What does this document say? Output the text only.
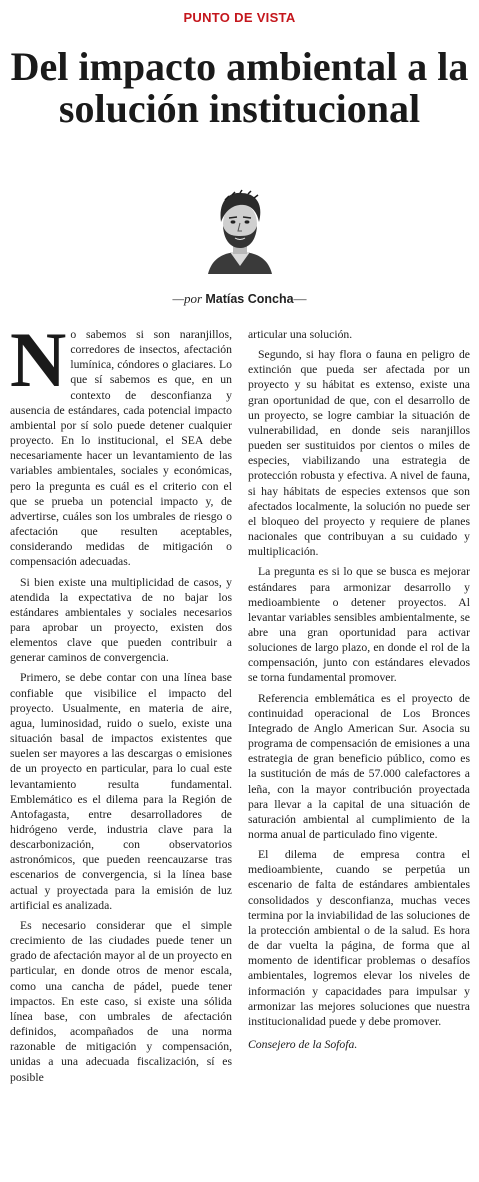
PUNTO DE VISTA
Del impacto ambiental a la solución institucional
—por Matías Concha—

No sabemos si son naranjillos, corredores de insectos, afectación lumínica, cóndores o glaciares. Lo que sí sabemos es que, en un contexto de desconfianza y ausencia de estándares, cada potencial impacto ambiental por sí solo puede detener cualquier proyecto. En lo institucional, el SEA debe necesariamente hacer un levantamiento de las variables ambientales, sociales y económicas, pero la pregunta es cuál es el criterio con el que se prueba un potencial impacto y, de advertirse, cuáles son los umbrales de riesgo o afectación que resulten aceptables, considerando medidas de mitigación o compensación adecuadas.

Si bien existe una multiplicidad de casos, y atendida la expectativa de no bajar los estándares ambientales y sociales necesarios para aprobar un proyecto, existen dos elementos clave que pueden contribuir a generar caminos de convergencia.

Primero, se debe contar con una línea base confiable que visibilice el impacto del proyecto. Usualmente, en materia de aire, agua, luminosidad, ruido o suelo, existe una situación basal de impactos existentes que suelen ser mayores a las descargas o emisiones de un proyecto en particular, para lo cual este levantamiento resulta fundamental. Emblemático es el dilema para la Región de Antofagasta, entre desarrolladores de hidrógeno verde, industria clave para la descarbonización, con observatorios astronómicos, que pueden reencauzarse tras escenarios de convergencia, si la línea base actual y proyectada para la emisión de luz artificial es analizada.

Es necesario considerar que el simple crecimiento de las ciudades puede tener un grado de afectación mayor al de un proyecto en particular, en donde otros de menor escala, como una cancha de pádel, puede tener impactos. En este caso, si existe una sólida línea base, con umbrales de afectación definidos, acompañados de una norma razonable de mitigación y compensación, unidas a una adecuada fiscalización, sí es posible

articular una solución.

Segundo, si hay flora o fauna en peligro de extinción que pueda ser afectada por un proyecto y su hábitat es extenso, existe una gran oportunidad de que, con el desarrollo de un proyecto, se logre cambiar la situación de vulnerabilidad, en donde seis naranjillos pueden ser sustituidos por cientos o miles de especies, viabilizando una estrategia de protección robusta y efectiva. A nivel de fauna, si hay hábitats de especies extensos que son afectados localmente, la solución no puede ser el bloqueo del proyecto y requiere de planes nacionales que contribuyan a su cuidado y multiplicación.

La pregunta es si lo que se busca es mejorar estándares para armonizar desarrollo y medioambiente o detener proyectos. Al levantar variables sensibles ambientalmente, se abre una gran oportunidad para activar soluciones de largo plazo, en donde el rol de la compensación, junto con estándares elevados se torna fundamental promover.

Referencia emblemática es el proyecto de continuidad operacional de Los Bronces Integrado de Anglo American Sur. Asocia su programa de compensación de emisiones a una estrategia de gran beneficio público, como es la sustitución de más de 57.000 calefactores a leña, con la mayor contribución proyectada para llevar a la capital de una situación de saturación ambiental al cumplimiento de la norma anual de particulado fino vigente.

El dilema de empresa contra el medioambiente, cuando se perpetúa un escenario de falta de estándares ambientales consolidados y desconfianza, muchas veces termina por la inviabilidad de las soluciones de la protección ambiental o de la salud. Es hora de dar vuelta la página, de forma que al momento de identificar problemas o desafíos ambientales, logremos elevar los niveles de información y capacidades para impulsar y armonizar las mejores soluciones que nuestra institucionalidad puede y debe promover.

Consejero de la Sofofa.
